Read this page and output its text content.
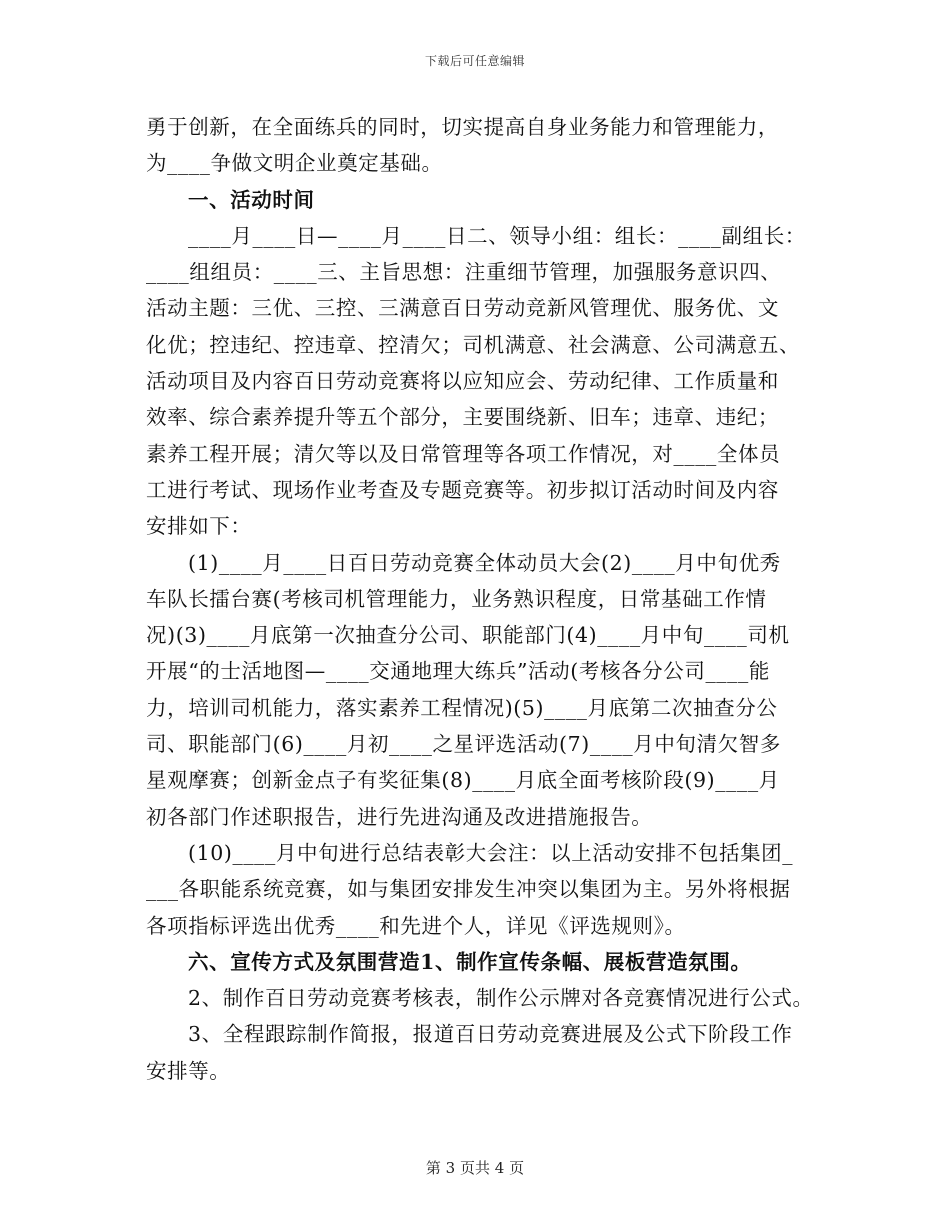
下载后可任意编辑
勇于创新，在全面练兵的同时，切实提高自身业务能力和管理能力，
为____争做文明企业奠定基础。
一、活动时间
____月____日—____月____日二、领导小组：组长：____副组长：
____组组员：____三、主旨思想：注重细节管理，加强服务意识四、
活动主题：三优、三控、三满意百日劳动竞新风管理优、服务优、文
化优；控违纪、控违章、控清欠；司机满意、社会满意、公司满意五、
活动项目及内容百日劳动竞赛将以应知应会、劳动纪律、工作质量和
效率、综合素养提升等五个部分，主要围绕新、旧车；违章、违纪；
素养工程开展；清欠等以及日常管理等各项工作情况，对____全体员
工进行考试、现场作业考查及专题竞赛等。初步拟订活动时间及内容
安排如下：
(1)____月____日百日劳动竞赛全体动员大会(2)____月中旬优秀
车队长擂台赛(考核司机管理能力，业务熟识程度，日常基础工作情
况)(3)____月底第一次抽查分公司、职能部门(4)____月中旬____司机
开展“的士活地图—____交通地理大练兵”活动(考核各分公司____能
力，培训司机能力，落实素养工程情况)(5)____月底第二次抽查分公
司、职能部门(6)____月初____之星评选活动(7)____月中旬清欠智多
星观摩赛；创新金点子有奖征集(8)____月底全面考核阶段(9)____月
初各部门作述职报告，进行先进沟通及改进措施报告。
(10)____月中旬进行总结表彰大会注：以上活动安排不包括集团_
___各职能系统竞赛，如与集团安排发生冲突以集团为主。另外将根据
各项指标评选出优秀____和先进个人，详见《评选规则》。
六、宣传方式及氛围营造1、制作宣传条幅、展板营造氛围。
2、制作百日劳动竞赛考核表，制作公示牌对各竞赛情况进行公式。
3、全程跟踪制作简报，报道百日劳动竞赛进展及公式下阶段工作
安排等。
第 3 页共 4 页
